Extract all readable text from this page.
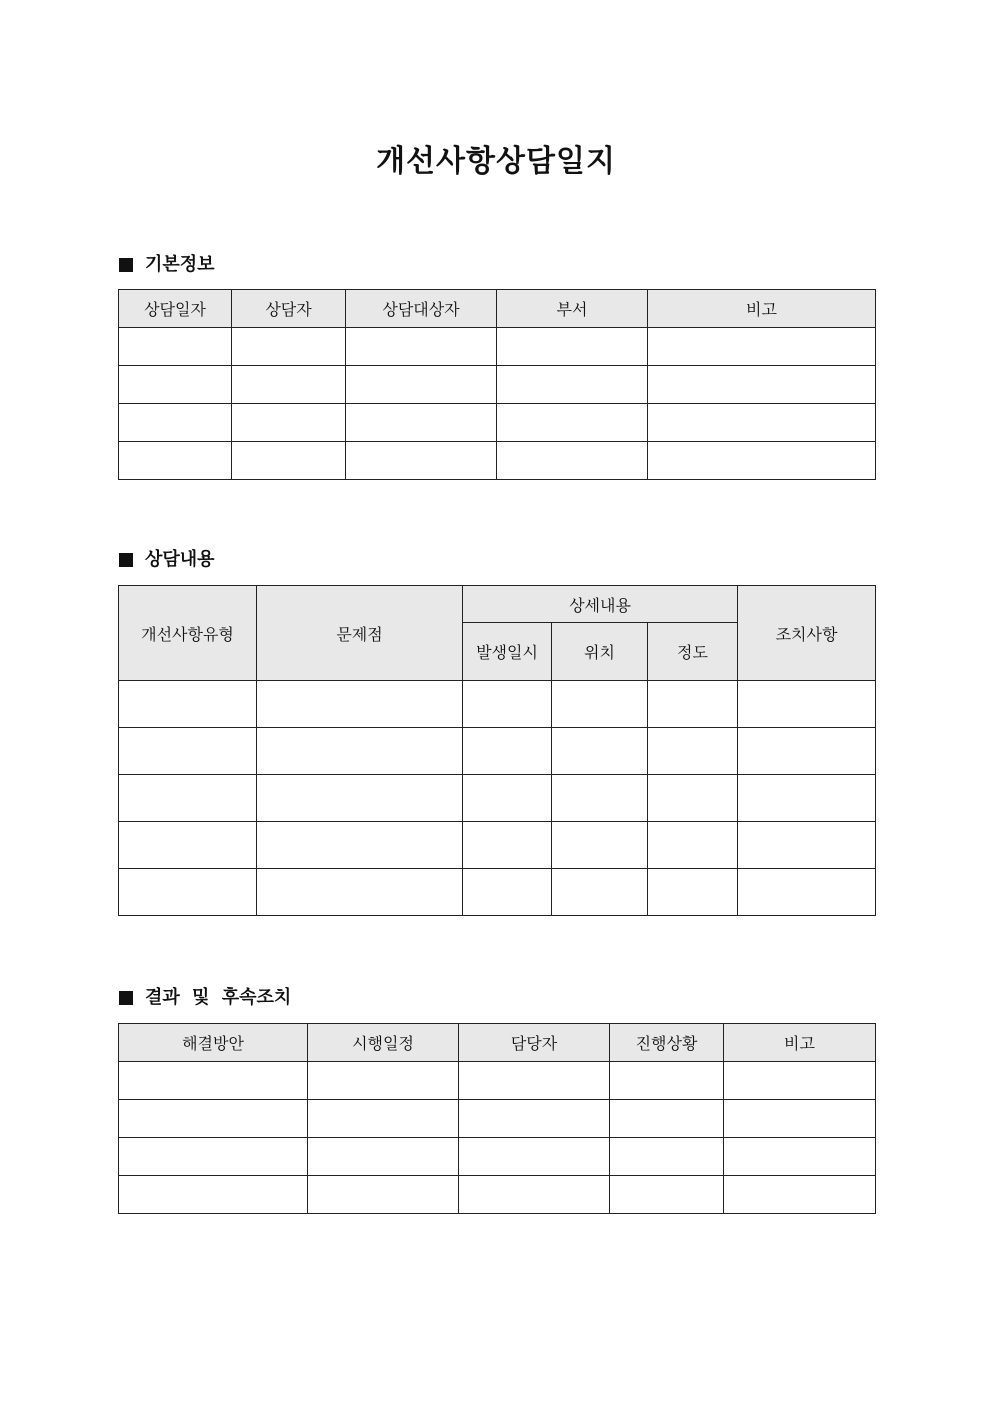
개선사항상담일지
기본정보
상담일자	상담자	상담대상자	부서	비고

상담내용
개선사항유형	문제점	상세내용			조치사항
		발생일시	위치	정도	

결과 및 후속조치
해결방안	시행일정	담당자	진행상황	비고
